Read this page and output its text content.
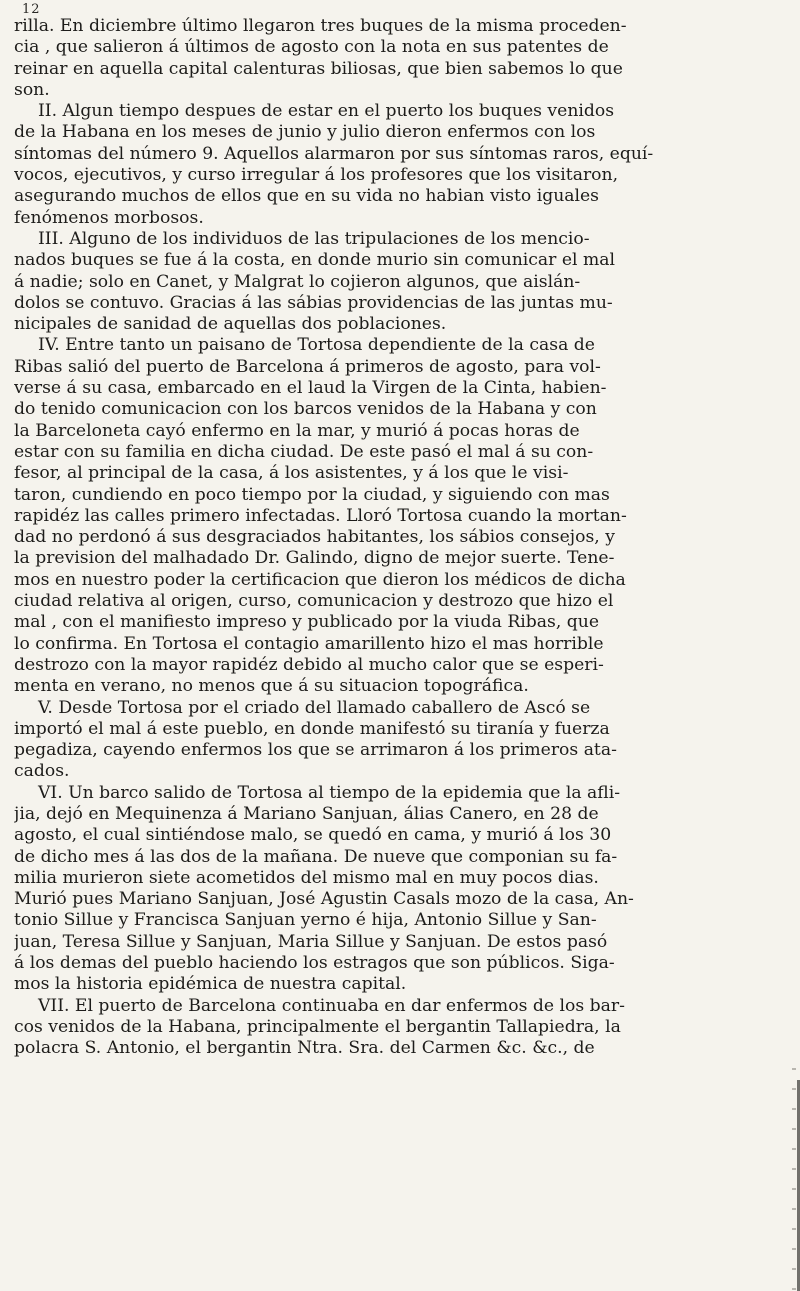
12
rilla. En diciembre último llegaron tres buques de la misma proceden-
cia , que salieron á últimos de agosto con la nota en sus patentes de
reinar en aquella capital calenturas biliosas, que bien sabemos lo que
son.
II. Algun tiempo despues de estar en el puerto los buques venidos
de la Habana en los meses de junio y julio dieron enfermos con los
síntomas del número 9. Aquellos alarmaron por sus síntomas raros, equí-
vocos, ejecutivos, y curso irregular á los profesores que los visitaron,
asegurando muchos de ellos que en su vida no habian visto iguales
fenómenos morbosos.
III. Alguno de los individuos de las tripulaciones de los mencio-
nados buques se fue á la costa, en donde murio sin comunicar el mal
á nadie; solo en Canet, y Malgrat lo cojieron algunos, que aislán-
dolos se contuvo. Gracias á las sábias providencias de las juntas mu-
nicipales de sanidad de aquellas dos poblaciones.
IV. Entre tanto un paisano de Tortosa dependiente de la casa de
Ribas salió del puerto de Barcelona á primeros de agosto, para vol-
verse á su casa, embarcado en el laud la Virgen de la Cinta, habien-
do tenido comunicacion con los barcos venidos de la Habana y con
la Barceloneta cayó enfermo en la mar, y murió á pocas horas de
estar con su familia en dicha ciudad. De este pasó el mal á su con-
fesor, al principal de la casa, á los asistentes, y á los que le visi-
taron, cundiendo en poco tiempo por la ciudad, y siguiendo con mas
rapidéz las calles primero infectadas. Lloró Tortosa cuando la mortan-
dad no perdonó á sus desgraciados habitantes, los sábios consejos, y
la prevision del malhadado Dr. Galindo, digno de mejor suerte. Tene-
mos en nuestro poder la certificacion que dieron los médicos de dicha
ciudad relativa al origen, curso, comunicacion y destrozo que hizo el
mal , con el manifiesto impreso y publicado por la viuda Ribas, que
lo confirma. En Tortosa el contagio amarillento hizo el mas horrible
destrozo con la mayor rapidéz debido al mucho calor que se esperi-
menta en verano, no menos que á su situacion topográfica.
V. Desde Tortosa por el criado del llamado caballero de Ascó se
importó el mal á este pueblo, en donde manifestó su tiranía y fuerza
pegadiza, cayendo enfermos los que se arrimaron á los primeros ata-
cados.
VI. Un barco salido de Tortosa al tiempo de la epidemia que la afli-
jia, dejó en Mequinenza á Mariano Sanjuan, álias Canero, en 28 de
agosto, el cual sintiéndose malo, se quedó en cama, y murió á los 30
de dicho mes á las dos de la mañana. De nueve que componian su fa-
milia murieron siete acometidos del mismo mal en muy pocos dias.
Murió pues Mariano Sanjuan, José Agustin Casals mozo de la casa, An-
tonio Sillue y Francisca Sanjuan yerno é hija, Antonio Sillue y San-
juan, Teresa Sillue y Sanjuan, Maria Sillue y Sanjuan. De estos pasó
á los demas del pueblo haciendo los estragos que son públicos. Siga-
mos la historia epidémica de nuestra capital.
VII. El puerto de Barcelona continuaba en dar enfermos de los bar-
cos venidos de la Habana, principalmente el bergantin Tallapiedra, la
polacra S. Antonio, el bergantin Ntra. Sra. del Carmen &c. &c., de
